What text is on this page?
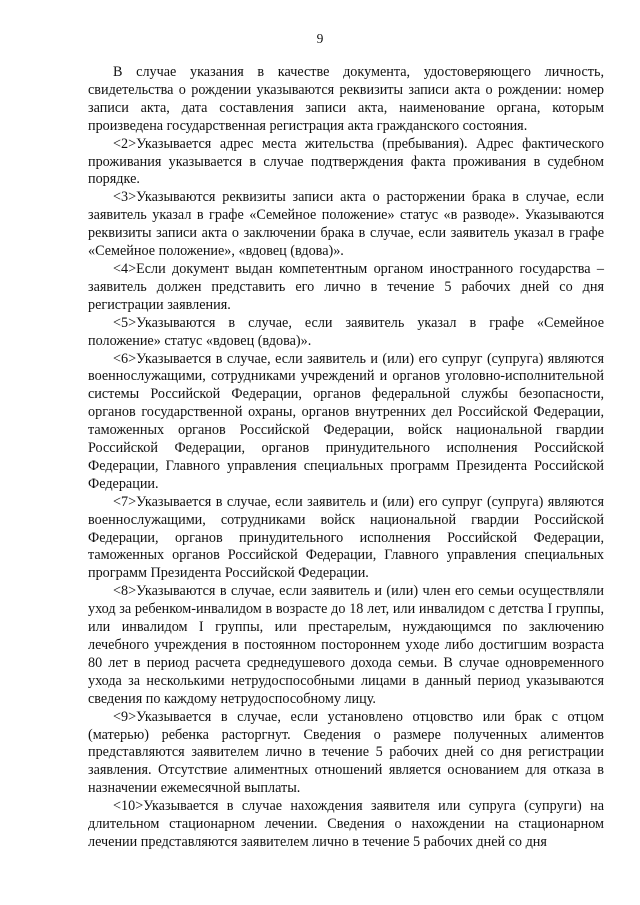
9

В случае указания в качестве документа, удостоверяющего личность, свидетельства о рождении указываются реквизиты записи акта о рождении: номер записи акта, дата составления записи акта, наименование органа, которым произведена государственная регистрация акта гражданского состояния.

<2>Указывается адрес места жительства (пребывания). Адрес фактического проживания указывается в случае подтверждения факта проживания в судебном порядке.

<3>Указываются реквизиты записи акта о расторжении брака в случае, если заявитель указал в графе «Семейное положение» статус «в разводе». Указываются реквизиты записи акта о заключении брака в случае, если заявитель указал в графе «Семейное положение», «вдовец (вдова)».

<4>Если документ выдан компетентным органом иностранного государства – заявитель должен представить его лично в течение 5 рабочих дней со дня регистрации заявления.

<5>Указываются в случае, если заявитель указал в графе «Семейное положение» статус «вдовец (вдова)».

<6>Указывается в случае, если заявитель и (или) его супруг (супруга) являются военнослужащими, сотрудниками учреждений и органов уголовно-исполнительной системы Российской Федерации, органов федеральной службы безопасности, органов государственной охраны, органов внутренних дел Российской Федерации, таможенных органов Российской Федерации, войск национальной гвардии Российской Федерации, органов принудительного исполнения Российской Федерации, Главного управления специальных программ Президента Российской Федерации.

<7>Указывается в случае, если заявитель и (или) его супруг (супруга) являются военнослужащими, сотрудниками войск национальной гвардии Российской Федерации, органов принудительного исполнения Российской Федерации, таможенных органов Российской Федерации, Главного управления специальных программ Президента Российской Федерации.

<8>Указываются в случае, если заявитель и (или) член его семьи осуществляли уход за ребенком-инвалидом в возрасте до 18 лет, или инвалидом с детства I группы, или инвалидом I группы, или престарелым, нуждающимся по заключению лечебного учреждения в постоянном постороннем уходе либо достигшим возраста 80 лет в период расчета среднедушевого дохода семьи. В случае одновременного ухода за несколькими нетрудоспособными лицами в данный период указываются сведения по каждому нетрудоспособному лицу.

<9>Указывается в случае, если установлено отцовство или брак с отцом (матерью) ребенка расторгнут. Сведения о размере полученных алиментов представляются заявителем лично в течение 5 рабочих дней со дня регистрации заявления. Отсутствие алиментных отношений является основанием для отказа в назначении ежемесячной выплаты.

<10>Указывается в случае нахождения заявителя или супруга (супруги) на длительном стационарном лечении. Сведения о нахождении на стационарном лечении представляются заявителем лично в течение 5 рабочих дней со дня
